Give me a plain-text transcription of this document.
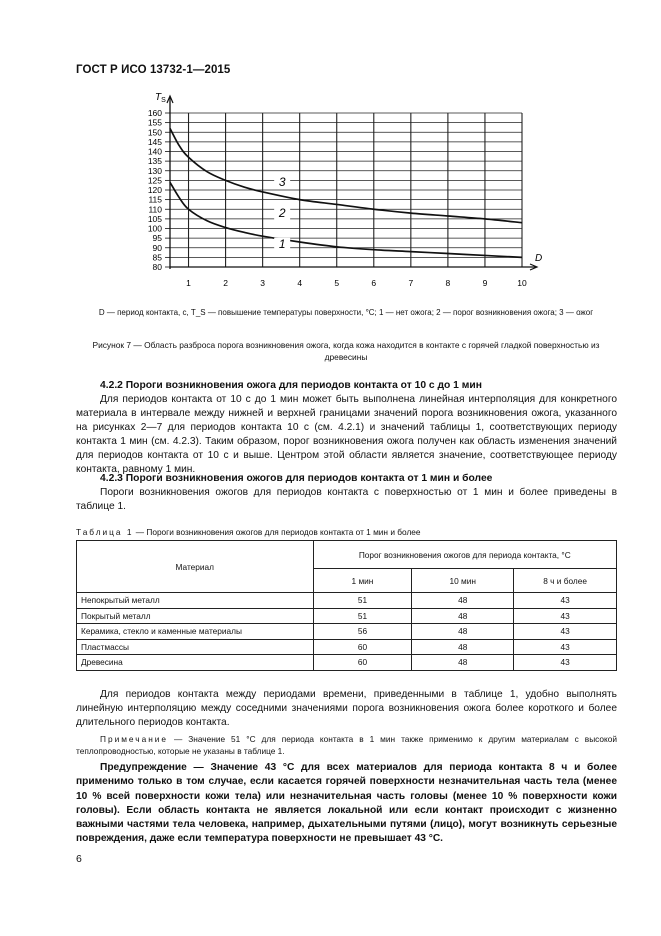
ГОСТ Р ИСО 13732-1—2015
$T_S$
D
80
85
90
95
100
105
110
115
120
125
130
135
140
145
150
155
160
1	2	3	4	5	6	7	8	9	10
3
2
1
D — период контакта, с, T_S — повышение температуры поверхности, °C; 1 — нет ожога; 2 — порог возникновения ожога; 3 — ожог
Рисунок 7 — Область разброса порога возникновения ожога, когда кожа находится в контакте с горячей гладкой поверхностью из древесины
4.2.2 Пороги возникновения ожога для периодов контакта от 10 с до 1 мин
Для периодов контакта от 10 с до 1 мин может быть выполнена линейная интерполяция для конкретного материала в интервале между нижней и верхней границами значений порога возникновения ожога, указанного на рисунках 2—7 для периодов контакта 10 с (см. 4.2.1) и значений таблицы 1, соответствующих периоду контакта 1 мин (см. 4.2.3). Таким образом, порог возникновения ожога получен как область изменения значений для периодов контакта от 10 с и выше. Центром этой области является значение, соответствующее периоду контакта, равному 1 мин.
4.2.3 Пороги возникновения ожогов для периодов контакта от 1 мин и более
Пороги возникновения ожогов для периодов контакта с поверхностью от 1 мин и более приведены в таблице 1.
Таблица 1 — Пороги возникновения ожогов для периодов контакта от 1 мин и более
Материал	Порог возникновения ожогов для периода контакта, °C		
	1 мин	10 мин	8 ч и более
Непокрытый металл	51	48	43
Покрытый металл	51	48	43
Керамика, стекло и каменные материалы	56	48	43
Пластмассы	60	48	43
Древесина	60	48	43
Для периодов контакта между периодами времени, приведенными в таблице 1, удобно выполнять линейную интерполяцию между соседними значениями порога возникновения ожога более короткого и более длительного периодов контакта.
Примечание — Значение 51 °C для периода контакта в 1 мин также применимо к другим материалам с высокой теплопроводностью, которые не указаны в таблице 1.
Предупреждение — Значение 43 °C для всех материалов для периода контакта 8 ч и более применимо только в том случае, если касается горячей поверхности незначительная часть тела (менее 10 % всей поверхности кожи тела) или незначительная часть головы (менее 10 % поверхности кожи головы). Если область контакта не является локальной или если контакт происходит с жизненно важными частями тела человека, например, дыхательными путями (лицо), могут возникнуть серьезные повреждения, даже если температура поверхности не превышает 43 °C.
6
